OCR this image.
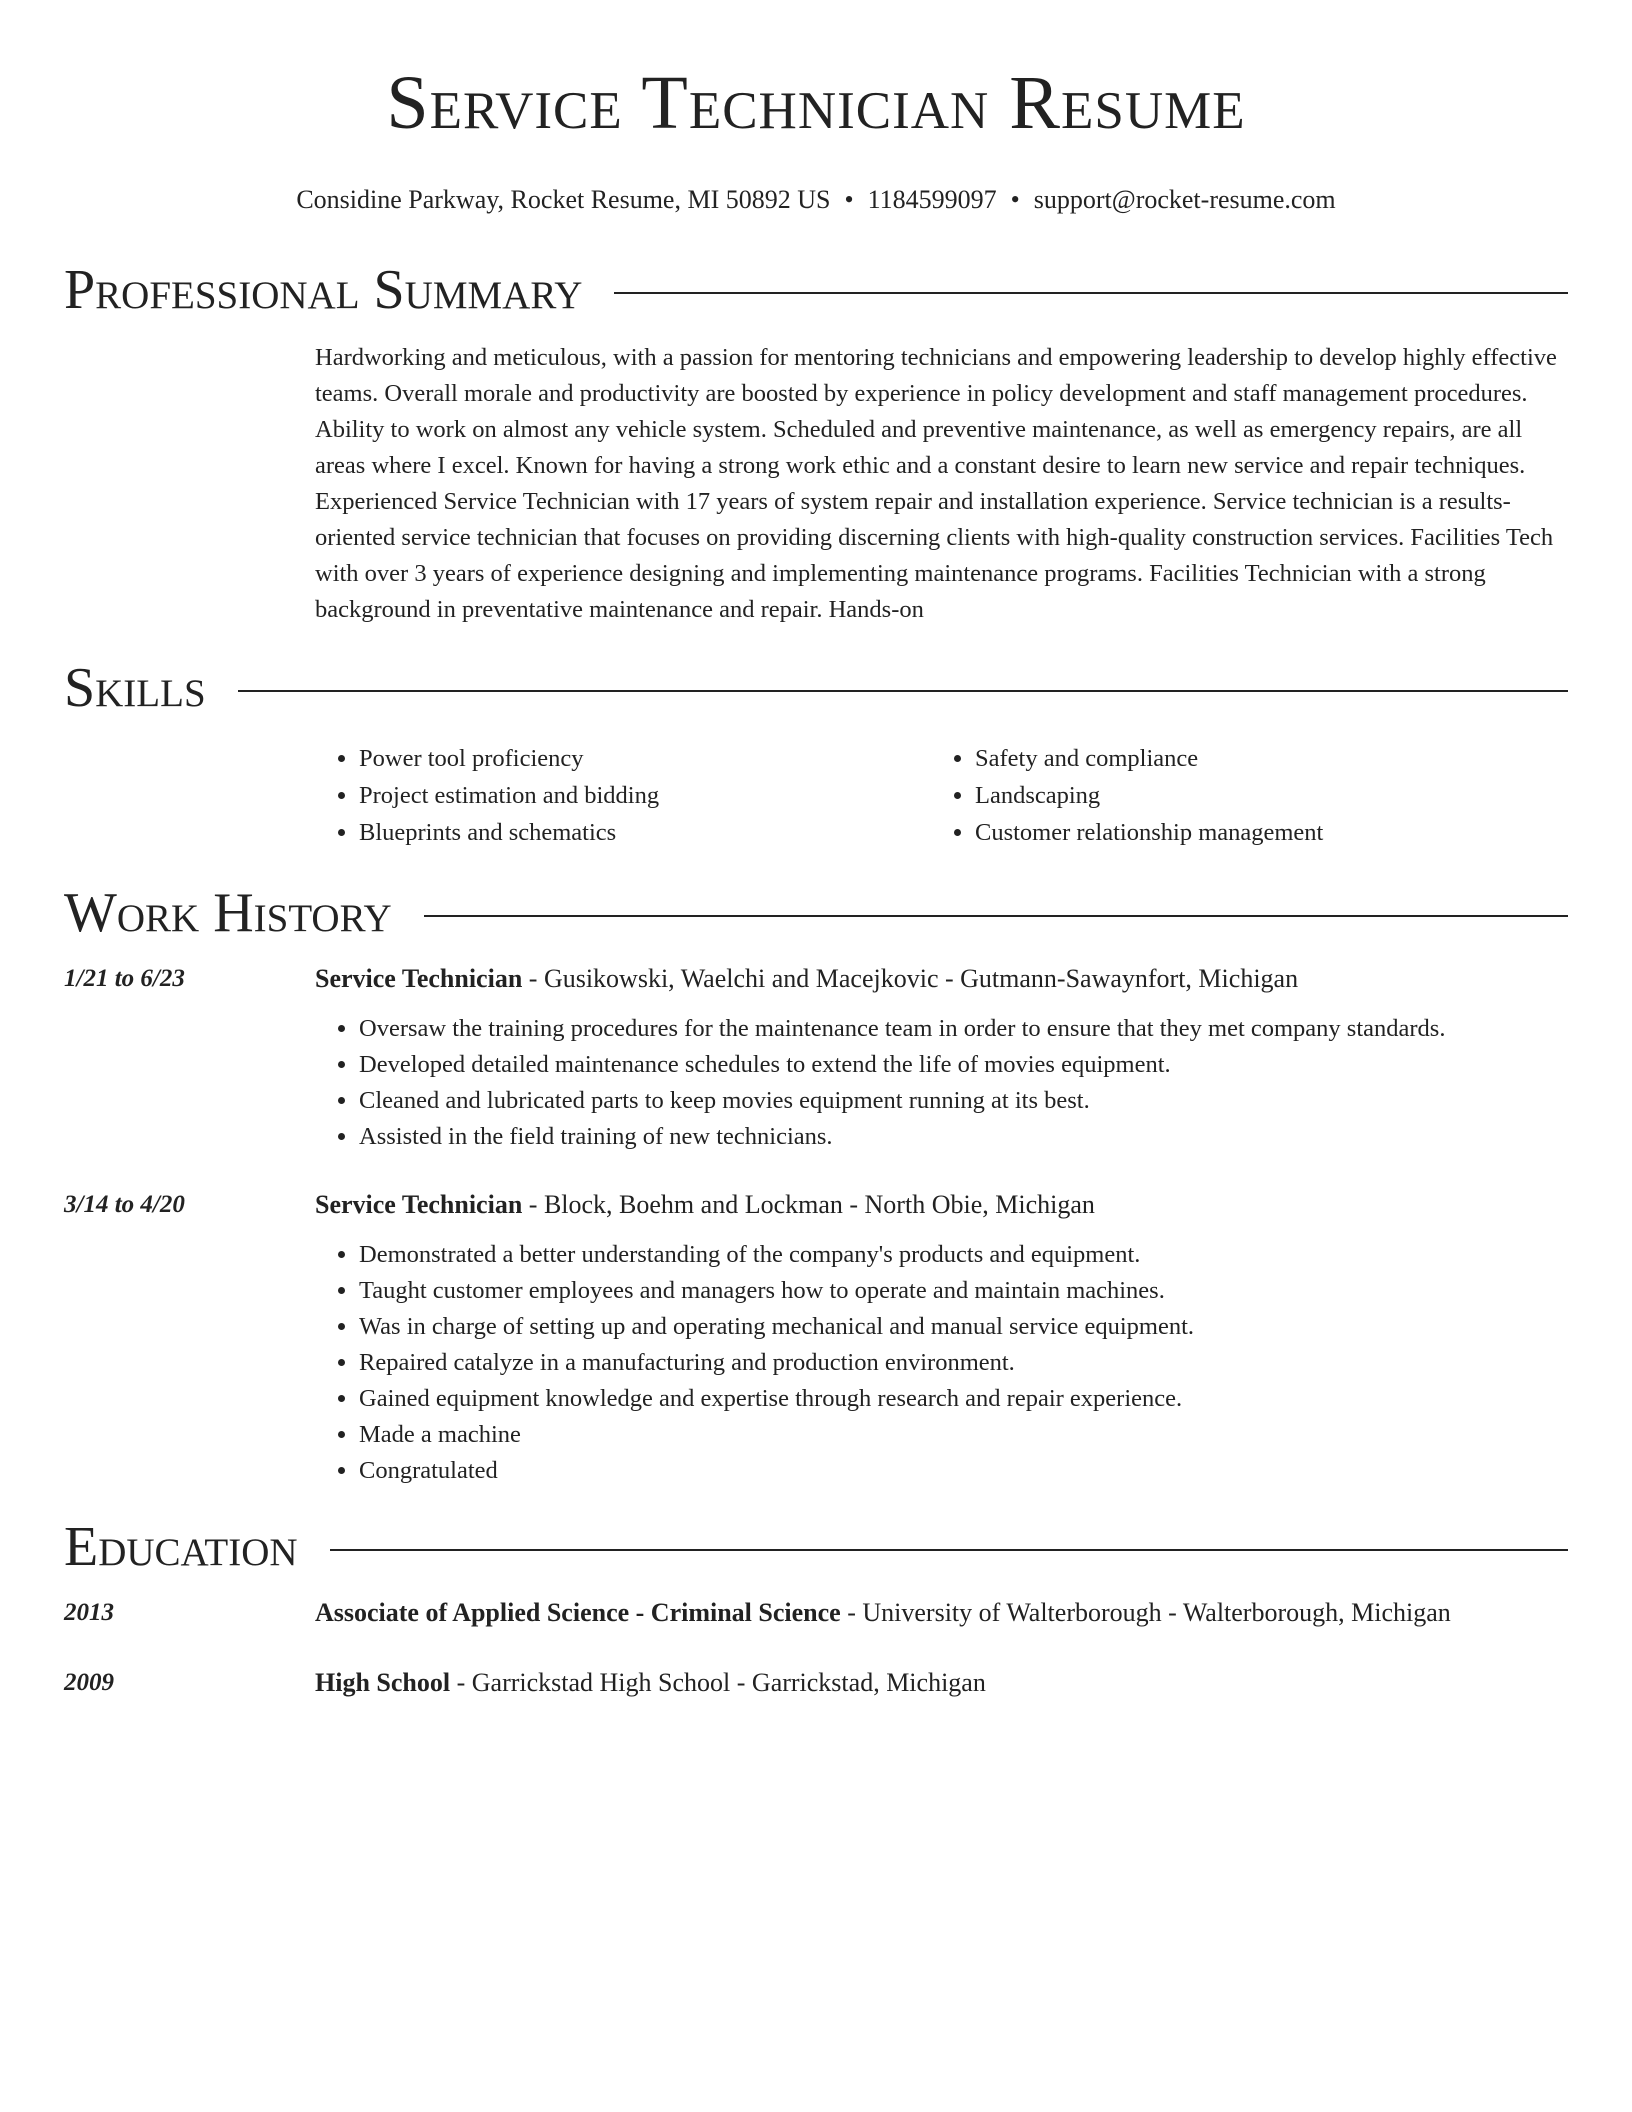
Service Technician Resume
Considine Parkway, Rocket Resume, MI 50892 US • 1184599097 • support@rocket-resume.com
Professional Summary
Hardworking and meticulous, with a passion for mentoring technicians and empowering leadership to develop highly effective teams. Overall morale and productivity are boosted by experience in policy development and staff management procedures. Ability to work on almost any vehicle system. Scheduled and preventive maintenance, as well as emergency repairs, are all areas where I excel. Known for having a strong work ethic and a constant desire to learn new service and repair techniques. Experienced Service Technician with 17 years of system repair and installation experience. Service technician is a results-oriented service technician that focuses on providing discerning clients with high-quality construction services. Facilities Tech with over 3 years of experience designing and implementing maintenance programs. Facilities Technician with a strong background in preventative maintenance and repair. Hands-on
Skills
• Power tool proficiency
• Project estimation and bidding
• Blueprints and schematics
• Safety and compliance
• Landscaping
• Customer relationship management
Work History
1/21 to 6/23	Service Technician - Gusikowski, Waelchi and Macejkovic - Gutmann-Sawaynfort, Michigan
• Oversaw the training procedures for the maintenance team in order to ensure that they met company standards.
• Developed detailed maintenance schedules to extend the life of movies equipment.
• Cleaned and lubricated parts to keep movies equipment running at its best.
• Assisted in the field training of new technicians.
3/14 to 4/20	Service Technician - Block, Boehm and Lockman - North Obie, Michigan
• Demonstrated a better understanding of the company's products and equipment.
• Taught customer employees and managers how to operate and maintain machines.
• Was in charge of setting up and operating mechanical and manual service equipment.
• Repaired catalyze in a manufacturing and production environment.
• Gained equipment knowledge and expertise through research and repair experience.
• Made a machine
• Congratulated
Education
2013	Associate of Applied Science - Criminal Science - University of Walterborough - Walterborough, Michigan
2009	High School - Garrickstad High School - Garrickstad, Michigan
